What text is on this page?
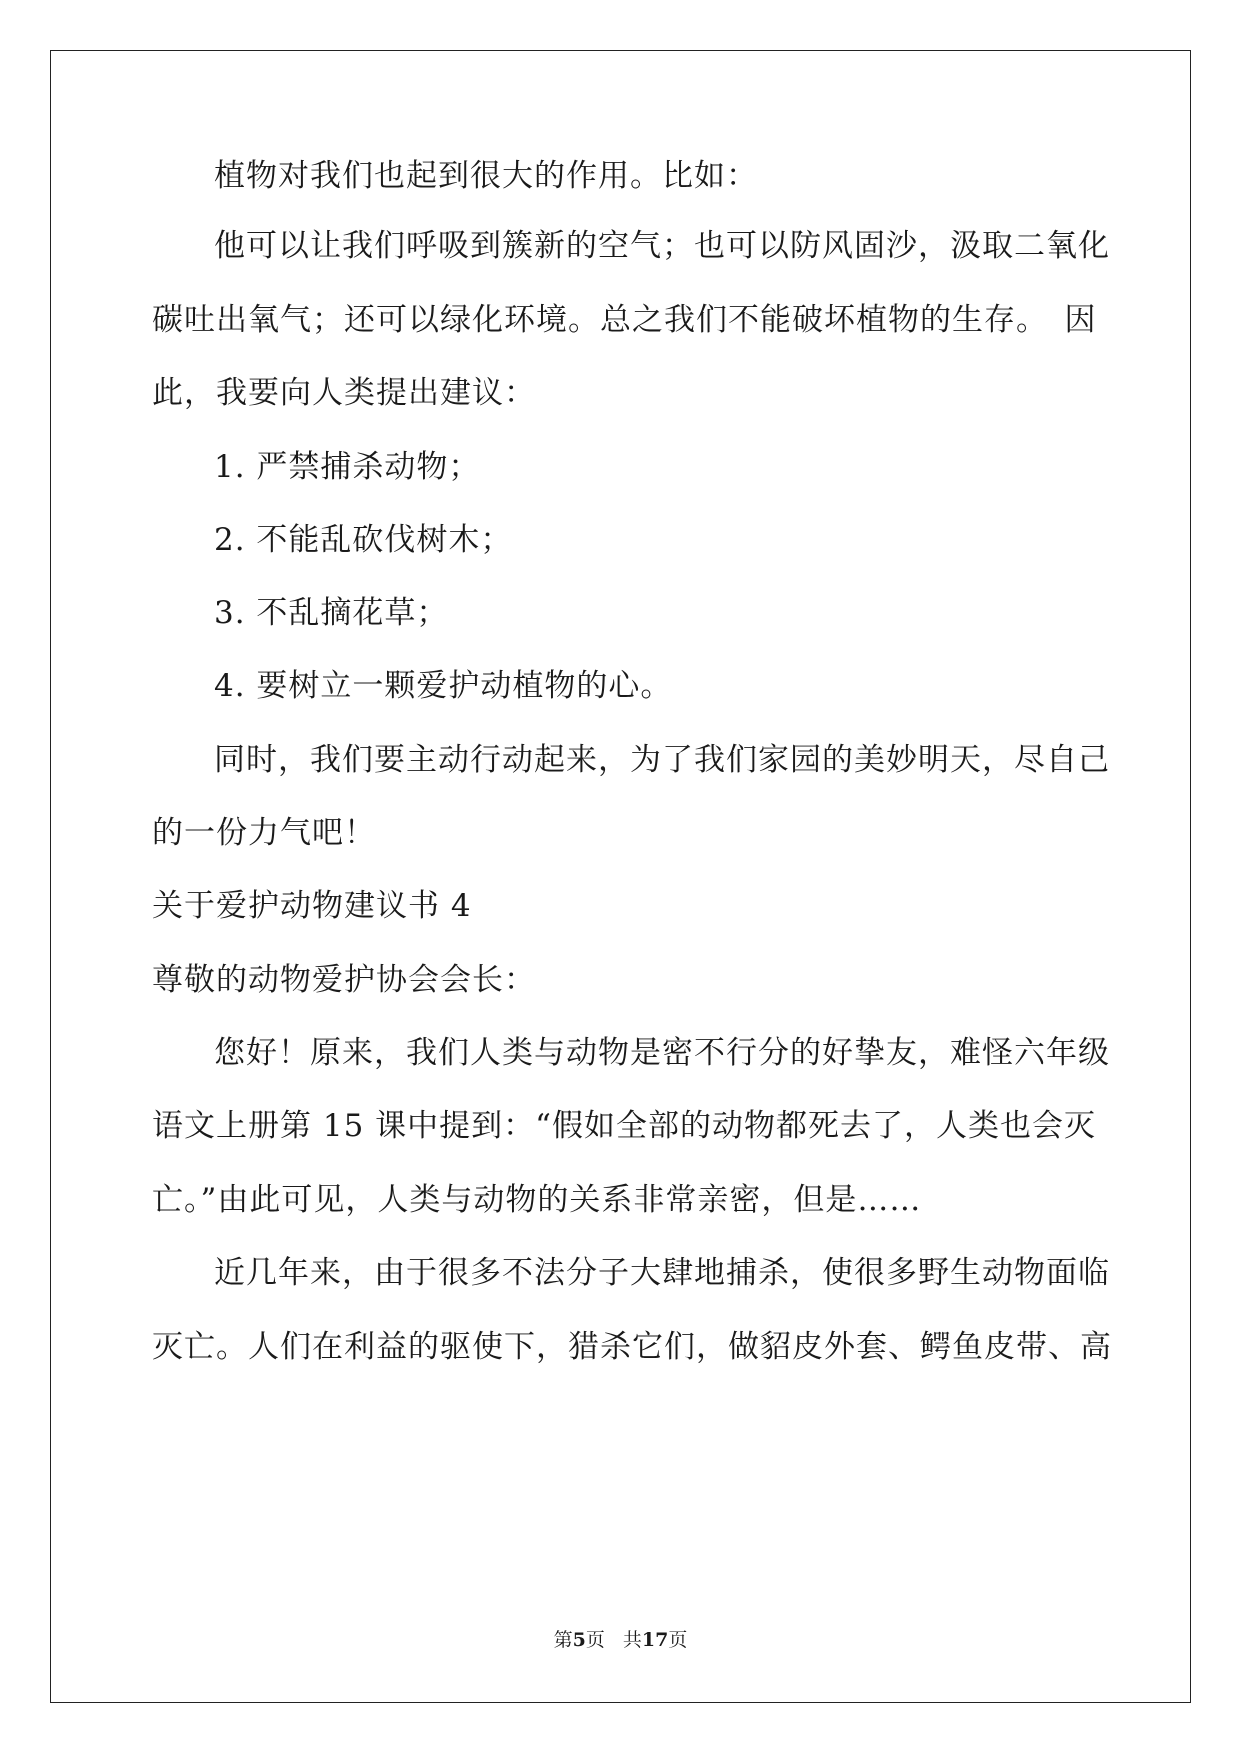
植物对我们也起到很大的作用。比如：
他可以让我们呼吸到簇新的空气；也可以防风固沙，汲取二氧化
碳吐出氧气；还可以绿化环境。总之我们不能破坏植物的生存。　因
此，我要向人类提出建议：
1. 严禁捕杀动物；
2. 不能乱砍伐树木；
3. 不乱摘花草；
4. 要树立一颗爱护动植物的心。
同时，我们要主动行动起来，为了我们家园的美妙明天，尽自己
的一份力气吧！
关于爱护动物建议书 4
尊敬的动物爱护协会会长：
您好！原来，我们人类与动物是密不行分的好挚友，难怪六年级
语文上册第 15 课中提到：“假如全部的动物都死去了，人类也会灭
亡。”由此可见，人类与动物的关系非常亲密，但是……
近几年来，由于很多不法分子大肆地捕杀，使很多野生动物面临
灭亡。人们在利益的驱使下，猎杀它们，做貂皮外套、鳄鱼皮带、高
第5页 共17页
